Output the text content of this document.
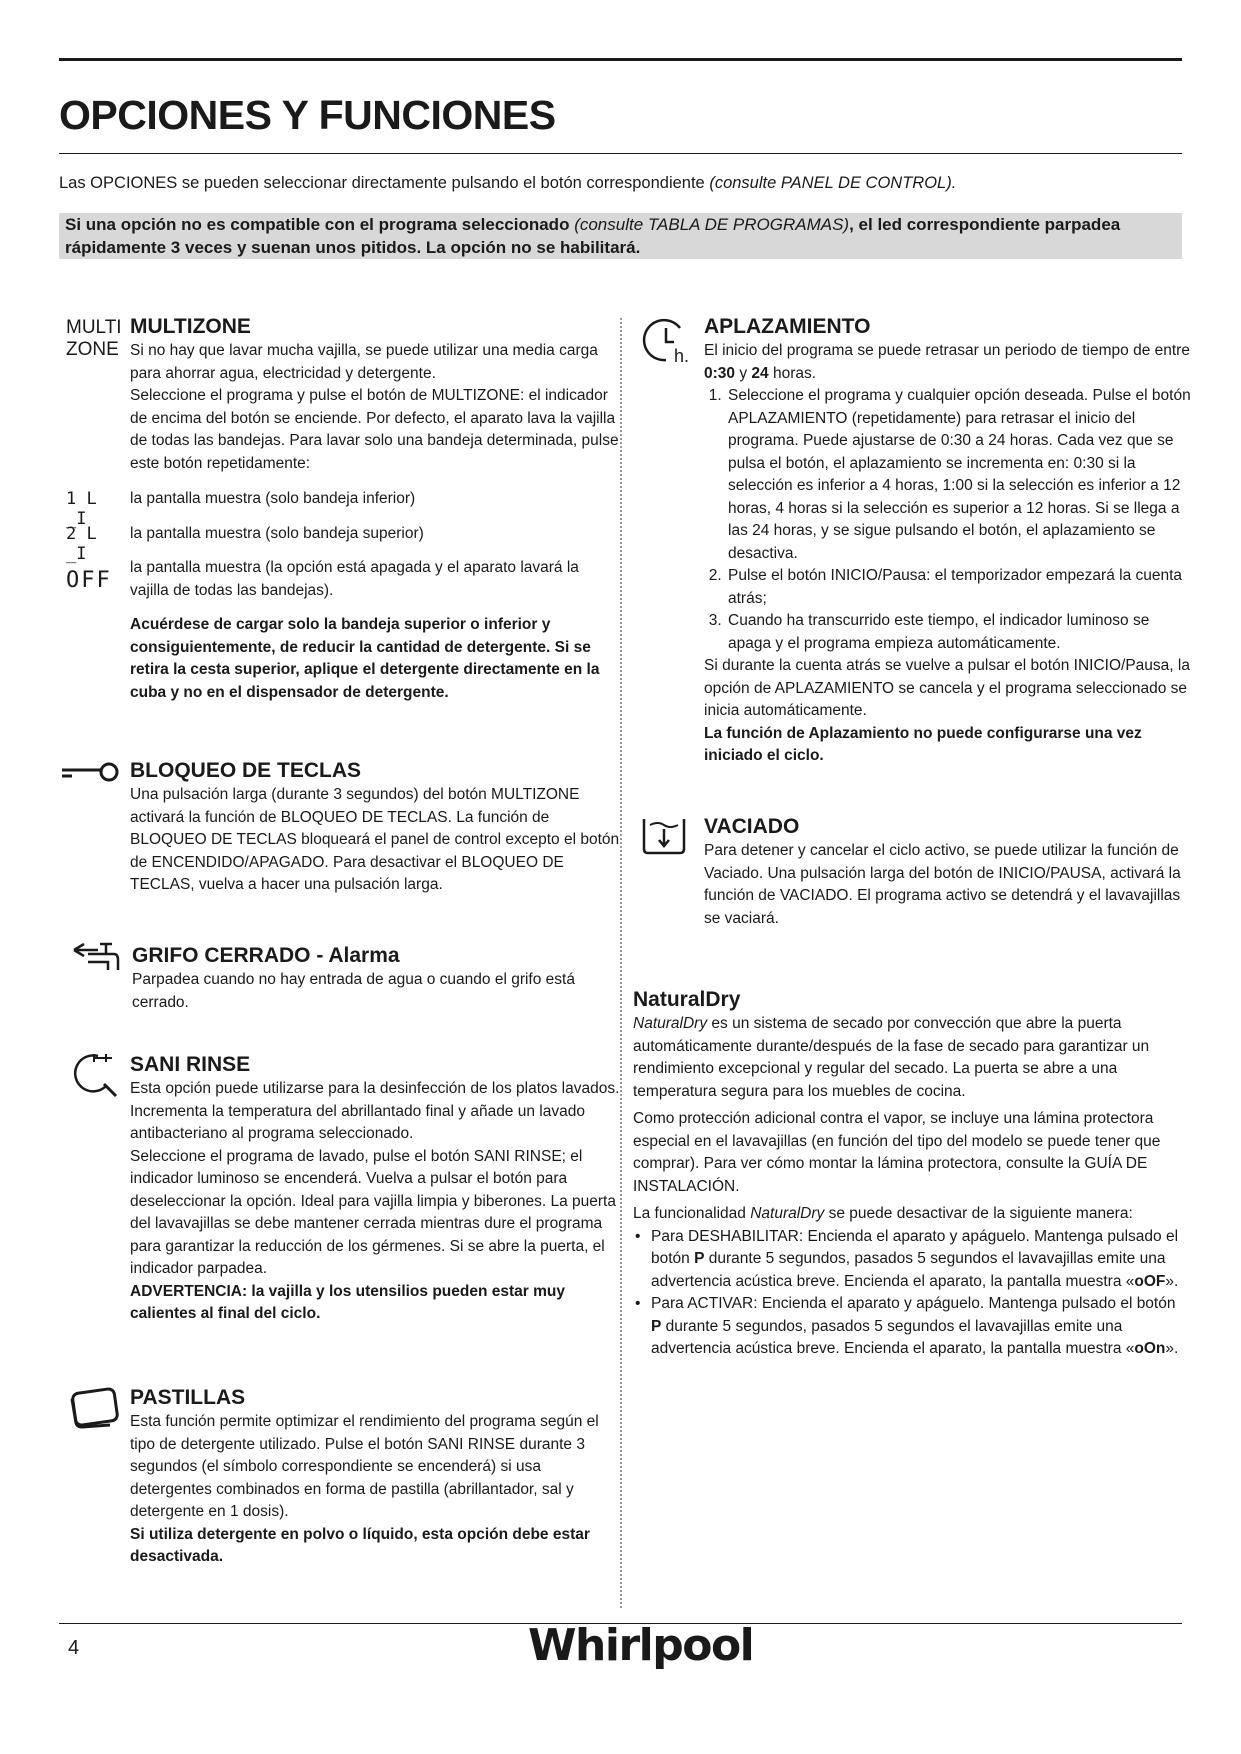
OPCIONES Y FUNCIONES

Las OPCIONES se pueden seleccionar directamente pulsando el botón correspondiente (consulte PANEL DE CONTROL).

Si una opción no es compatible con el programa seleccionado (consulte TABLA DE PROGRAMAS), el led correspondiente parpadea rápidamente 3 veces y suenan unos pitidos. La opción no se habilitará.
MULTI
ZONE
MULTIZONE

Si no hay que lavar mucha vajilla, se puede utilizar una media carga para ahorrar agua, electricidad y detergente.

Seleccione el programa y pulse el botón de MULTIZONE: el indicador de encima del botón se enciende. Por defecto, el aparato lava la vajilla de todas las bandejas. Para lavar solo una bandeja determinada, pulse este botón repetidamente:

1 L _I

la pantalla muestra (solo bandeja inferior)

2 L _I

la pantalla muestra (solo bandeja superior)

OFF

la pantalla muestra (la opción está apagada y el aparato lavará la vajilla de todas las bandejas).

Acuérdese de cargar solo la bandeja superior o inferior y consiguientemente, de reducir la cantidad de detergente. Si se retira la cesta superior, aplique el detergente directamente en la cuba y no en el dispensador de detergente.

BLOQUEO DE TECLAS

Una pulsación larga (durante 3 segundos) del botón MULTIZONE activará la función de BLOQUEO DE TECLAS. La función de BLOQUEO DE TECLAS bloqueará el panel de control excepto el botón de ENCENDIDO/APAGADO. Para desactivar el BLOQUEO DE TECLAS, vuelva a hacer una pulsación larga.

GRIFO CERRADO - Alarma

Parpadea cuando no hay entrada de agua o cuando el grifo está cerrado.

SANI RINSE

Esta opción puede utilizarse para la desinfección de los platos lavados.

Incrementa la temperatura del abrillantado final y añade un lavado antibacteriano al programa seleccionado.

Seleccione el programa de lavado, pulse el botón SANI RINSE; el indicador luminoso se encenderá. Vuelva a pulsar el botón para deseleccionar la opción. Ideal para vajilla limpia y biberones. La puerta del lavavajillas se debe mantener cerrada mientras dure el programa para garantizar la reducción de los gérmenes. Si se abre la puerta, el indicador parpadea.

ADVERTENCIA: la vajilla y los utensilios pueden estar muy calientes al final del ciclo.

PASTILLAS

Esta función permite optimizar el rendimiento del programa según el tipo de detergente utilizado. Pulse el botón SANI RINSE durante 3 segundos (el símbolo correspondiente se encenderá) si usa detergentes combinados en forma de pastilla (abrillantador, sal y detergente en 1 dosis).

Si utiliza detergente en polvo o líquido, esta opción debe estar desactivada.

h.
APLAZAMIENTO

El inicio del programa se puede retrasar un periodo de tiempo de entre 0:30 y 24 horas.

1. Seleccione el programa y cualquier opción deseada. Pulse el botón APLAZAMIENTO (repetidamente) para retrasar el inicio del programa. Puede ajustarse de 0:30 a 24 horas. Cada vez que se pulsa el botón, el aplazamiento se incrementa en: 0:30 si la selección es inferior a 4 horas, 1:00 si la selección es inferior a 12 horas, 4 horas si la selección es superior a 12 horas. Si se llega a las 24 horas, y se sigue pulsando el botón, el aplazamiento se desactiva.
2. Pulse el botón INICIO/Pausa: el temporizador empezará la cuenta atrás;
3. Cuando ha transcurrido este tiempo, el indicador luminoso se apaga y el programa empieza automáticamente.

Si durante la cuenta atrás se vuelve a pulsar el botón INICIO/Pausa, la opción de APLAZAMIENTO se cancela y el programa seleccionado se inicia automáticamente.

La función de Aplazamiento no puede configurarse una vez iniciado el ciclo.

VACIADO

Para detener y cancelar el ciclo activo, se puede utilizar la función de Vaciado. Una pulsación larga del botón de INICIO/PAUSA, activará la función de VACIADO. El programa activo se detendrá y el lavavajillas se vaciará.

NaturalDry

NaturalDry es un sistema de secado por convección que abre la puerta automáticamente durante/después de la fase de secado para garantizar un rendimiento excepcional y regular del secado. La puerta se abre a una temperatura segura para los muebles de cocina.

Como protección adicional contra el vapor, se incluye una lámina protectora especial en el lavavajillas (en función del tipo del modelo se puede tener que comprar). Para ver cómo montar la lámina protectora, consulte la GUÍA DE INSTALACIÓN.

La funcionalidad NaturalDry se puede desactivar de la siguiente manera:

• Para DESHABILITAR: Encienda el aparato y apáguelo. Mantenga pulsado el botón P durante 5 segundos, pasados 5 segundos el lavavajillas emite una advertencia acústica breve. Encienda el aparato, la pantalla muestra «oOF».
• Para ACTIVAR: Encienda el aparato y apáguelo. Mantenga pulsado el botón P durante 5 segundos, pasados 5 segundos el lavavajillas emite una advertencia acústica breve. Encienda el aparato, la pantalla muestra «oOn».
4	Whirlpool
